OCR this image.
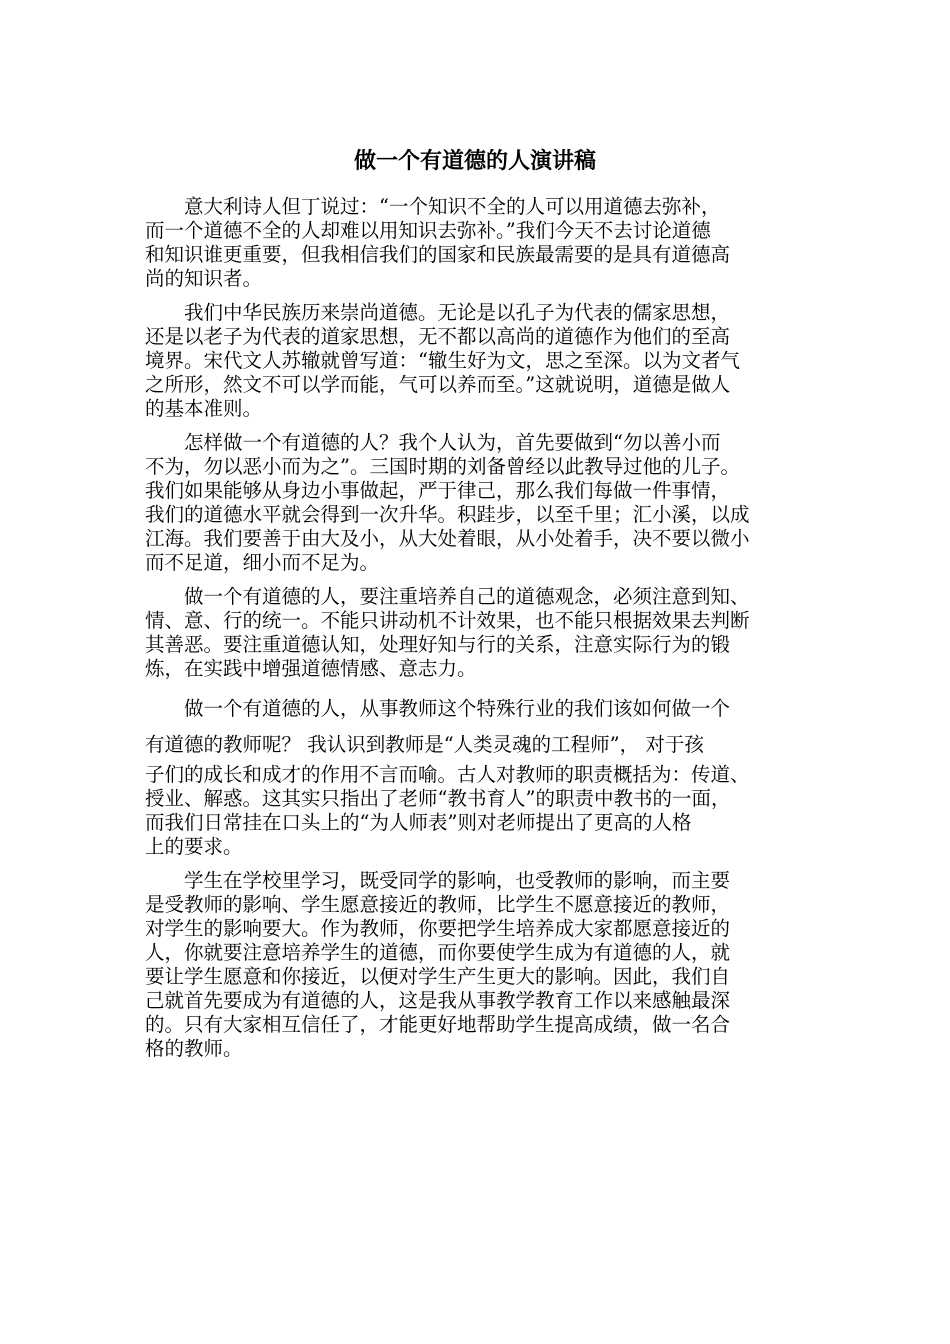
做一个有道德的人演讲稿

　　意大利诗人但丁说过：“一个知识不全的人可以用道德去弥补，
而一个道德不全的人却难以用知识去弥补。”我们今天不去讨论道德
和知识谁更重要，但我相信我们的国家和民族最需要的是具有道德高
尚的知识者。

　　我们中华民族历来崇尚道德。无论是以孔子为代表的儒家思想，
还是以老子为代表的道家思想，无不都以高尚的道德作为他们的至高
境界。宋代文人苏辙就曾写道：“辙生好为文，思之至深。以为文者气
之所形，然文不可以学而能，气可以养而至。”这就说明，道德是做人
的基本准则。

　　怎样做一个有道德的人？我个人认为，首先要做到“勿以善小而
不为，勿以恶小而为之”。三国时期的刘备曾经以此教导过他的儿子。
我们如果能够从身边小事做起，严于律己，那么我们每做一件事情，
我们的道德水平就会得到一次升华。积跬步，以至千里；汇小溪，以成
江海。我们要善于由大及小，从大处着眼，从小处着手，决不要以微小
而不足道，细小而不足为。

　　做一个有道德的人，要注重培养自己的道德观念，必须注意到知、
情、意、行的统一。不能只讲动机不计效果，也不能只根据效果去判断
其善恶。要注重道德认知，处理好知与行的关系，注意实际行为的锻
炼，在实践中增强道德情感、意志力。

　　做一个有道德的人，从事教师这个特殊行业的我们该如何做一个
有道德的教师呢？ 我认识到教师是“人类灵魂的工程师”， 对于孩
子们的成长和成才的作用不言而喻。古人对教师的职责概括为：传道、
授业、解惑。这其实只指出了老师“教书育人”的职责中教书的一面，
而我们日常挂在口头上的“为人师表”则对老师提出了更高的人格
上的要求。

　　学生在学校里学习，既受同学的影响，也受教师的影响，而主要
是受教师的影响、学生愿意接近的教师，比学生不愿意接近的教师，
对学生的影响要大。作为教师，你要把学生培养成大家都愿意接近的
人，你就要注意培养学生的道德，而你要使学生成为有道德的人，就
要让学生愿意和你接近，以便对学生产生更大的影响。因此，我们自
己就首先要成为有道德的人，这是我从事教学教育工作以来感触最深
的。只有大家相互信任了，才能更好地帮助学生提高成绩，做一名合
格的教师。
